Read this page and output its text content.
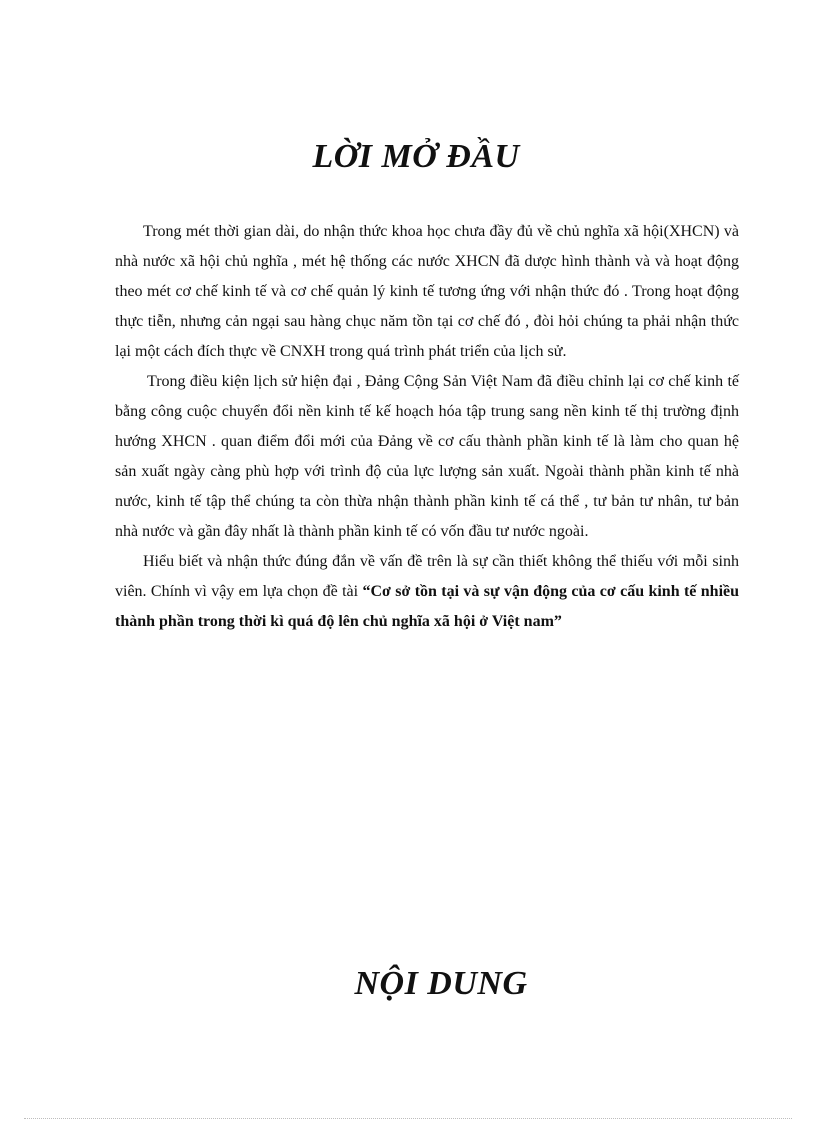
LỜI MỞ ĐẦU

Trong mét thời gian dài, do nhận thức khoa học chưa đầy đủ về chủ nghĩa xã hội(XHCN) và nhà nước xã hội chủ nghĩa , mét hệ thống các nước XHCN đã dược hình thành và và hoạt động theo mét cơ chế kinh tế và cơ chế quản lý kinh tế tương ứng với nhận thức đó . Trong hoạt động thực tiễn, nhưng cản ngại sau hàng chục năm tồn tại cơ chế đó , đòi hỏi chúng ta phải nhận thức lại một cách đích thực về CNXH trong quá trình phát triển của lịch sử.

Trong điều kiện lịch sử hiện đại , Đảng Cộng Sản Việt Nam đã điều chỉnh lại cơ chế kinh tế bằng công cuộc chuyển đổi nền kinh tế kế hoạch hóa tập trung sang nền kinh tế thị trường định hướng XHCN . quan điểm đổi mới của Đảng về cơ cấu thành phần kinh tế là làm cho quan hệ sản xuất ngày càng phù hợp với trình độ của lực lượng sản xuất. Ngoài thành phần kinh tế nhà nước, kinh tế tập thể chúng ta còn thừa nhận thành phần kinh tế cá thể , tư bản tư nhân, tư bản nhà nước và gần đây nhất là thành phần kinh tế có vốn đầu tư nước ngoài.

Hiểu biết và nhận thức đúng đắn về vấn đề trên là sự cần thiết không thể thiếu với mỗi sinh viên. Chính vì vậy em lựa chọn đề tài “Cơ sở tồn tại và sự vận động của cơ cấu kinh tế nhiều thành phần trong thời kì quá độ lên chủ nghĩa xã hội ở Việt nam”

NỘI DUNG
